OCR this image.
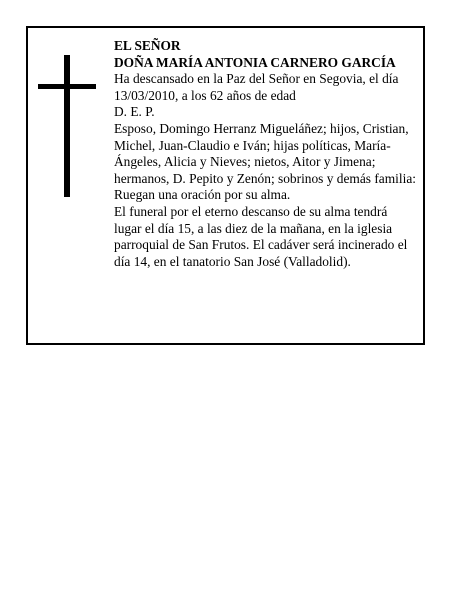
EL SEÑOR

DOÑA MARÍA ANTONIA CARNERO GARCÍA

Ha descansado en la Paz del Señor en Segovia, el día 13/03/2010, a los 62 años de edad

D. E. P.

Esposo, Domingo Herranz Migueláñez; hijos, Cristian, Michel, Juan-Claudio e Iván; hijas políticas, María-Ángeles, Alicia y Nieves; nietos, Aitor y Jimena; hermanos, D. Pepito y Zenón; sobrinos y demás familia:

Ruegan una oración por su alma.

El funeral por el eterno descanso de su alma tendrá lugar el día 15, a las diez de la mañana, en la iglesia parroquial de San Frutos. El cadáver será incinerado el día 14, en el tanatorio San José (Valladolid).
